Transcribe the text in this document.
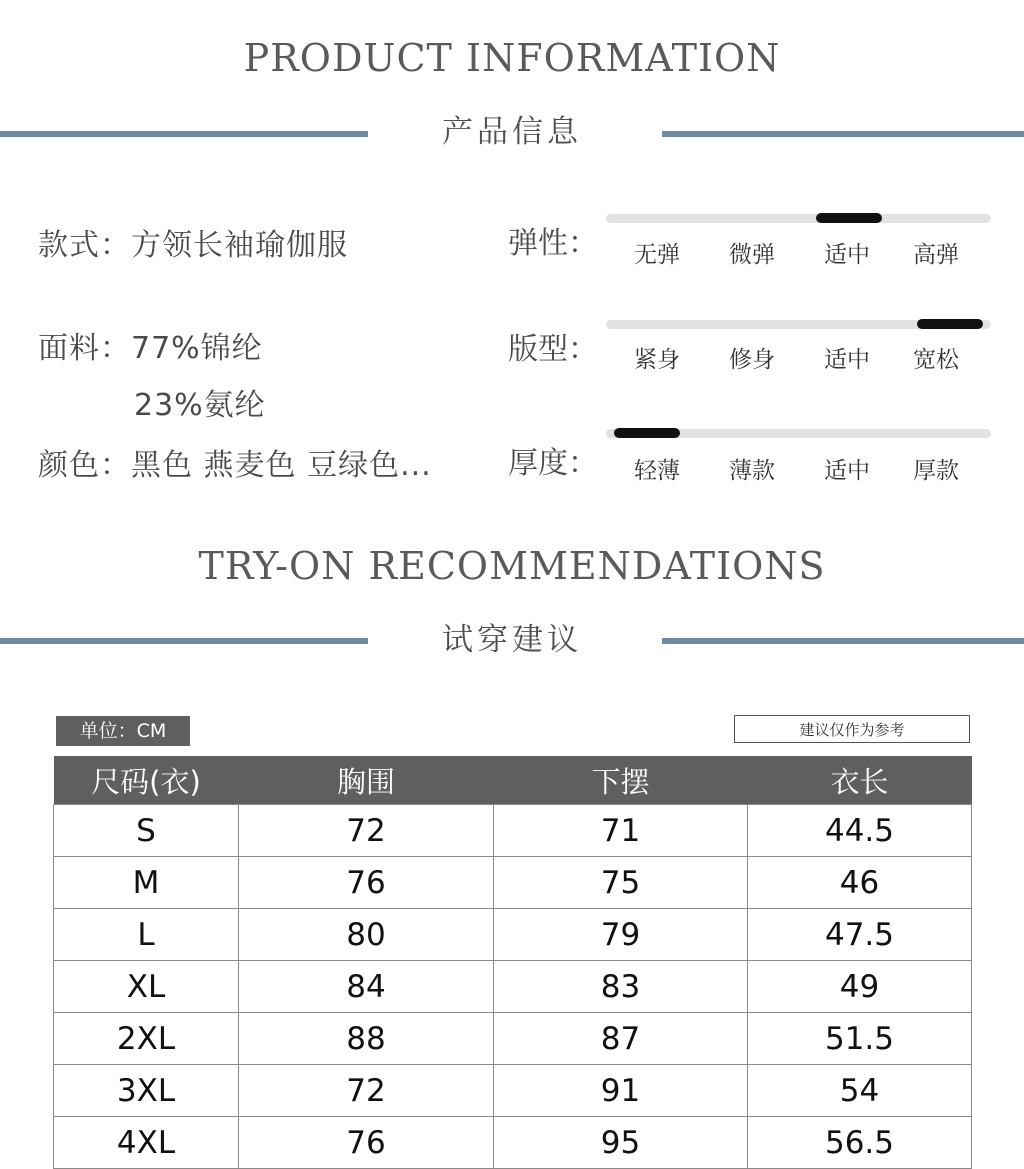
PRODUCT INFORMATION
产品信息
款式：方领长袖瑜伽服
面料：77%锦纶
23%氨纶
颜色：黑色 燕麦色 豆绿色...
弹性：	无弹	微弹	适中	高弹
版型：	紧身	修身	适中	宽松
厚度：	轻薄	薄款	适中	厚款
TRY-ON RECOMMENDATIONS
试穿建议
单位：CM	建议仅作为参考
尺码(衣)	胸围	下摆	衣长
S	72	71	44.5
M	76	75	46
L	80	79	47.5
XL	84	83	49
2XL	88	87	51.5
3XL	72	91	54
4XL	76	95	56.5
